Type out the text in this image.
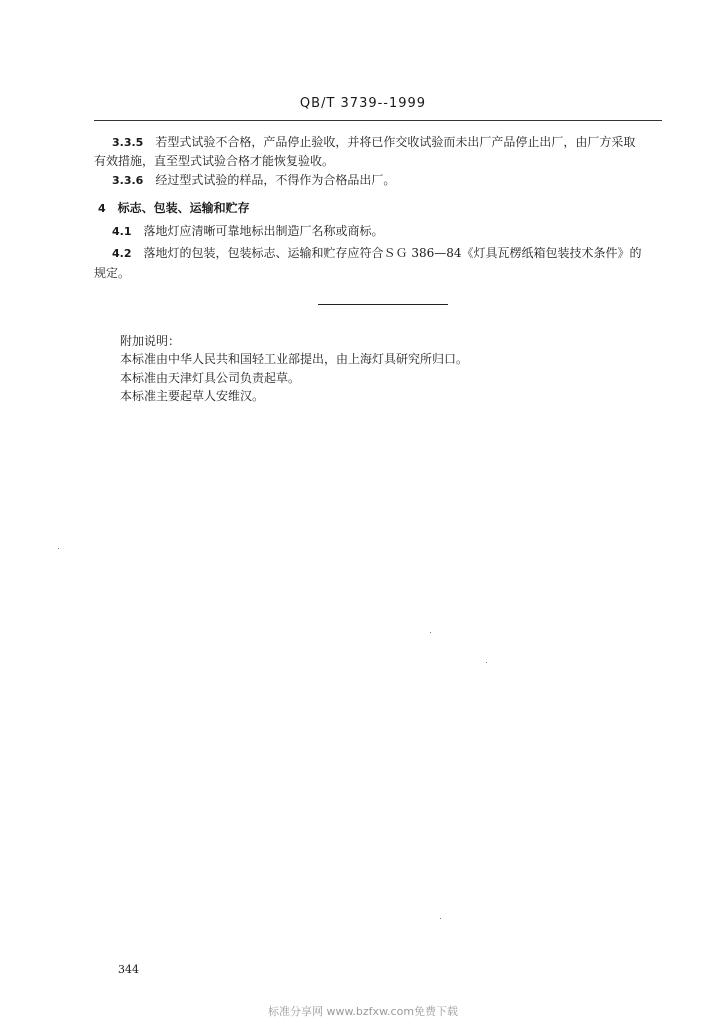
QB/T 3739--1999
3.3.5 若型式试验不合格，产品停止验收，并将已作交收试验而未出厂产品停止出厂，由厂方采取
有效措施，直至型式试验合格才能恢复验收。
3.3.6 经过型式试验的样品，不得作为合格品出厂。
4 标志、包装、运输和贮存
4.1 落地灯应清晰可靠地标出制造厂名称或商标。
4.2 落地灯的包装，包装标志、运输和贮存应符合ＳＧ 386—84《灯具瓦楞纸箱包装技术条件》的
规定。
附加说明：
本标准由中华人民共和国轻工业部提出，由上海灯具研究所归口。
本标准由天津灯具公司负责起草。
本标准主要起草人安维汉。
344
标准分享网 www.bzfxw.com免费下载
